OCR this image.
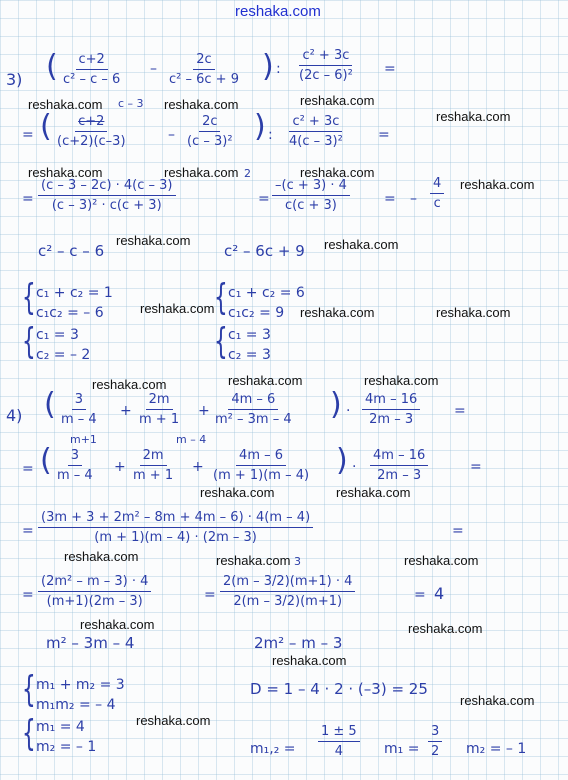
reshaka.com
3) ( $\frac{c+2}{\text{c² – c – 6}} - \frac{2c}{\text{c² – 6c + 9}}$ ) : $\frac{\text{c² + 3c}}{\text{(2c – 6)²}}$ =
c – 3
= ( $\frac{c+2}{(c+2)(c-3)}$	– $\frac{2c}{\text{(c – 3)²}}$ ) : $\frac{\text{c² + 3c}}{\text{4(c – 3)²}}$ =
2
= $\frac{(c - 3 - 2c) \cdot 4(c - 3)}{\text{(c – 3)² · c(c + 3)}}$	= $\frac{-(c + 3) \cdot 4}{c(c + 3)}$ = – $\frac{4}{c}$
c² – c – 6	c² – 6c + 9
{ c₁ + c₂ = 1
c₁c₂ = – 6
{ c₁ = 3
c₂ = – 2
{ c₁ + c₂ = 6
c₁c₂ = 9
{ c₁ = 3
c₂ = 3
4) ( $\frac{3}{m - 4} + \frac{2m}{m + 1} + \frac{4m - 6}{\text{m² – 3m – 4}}$ ) · $\frac{4m - 16}{2m - 3}$ =
m+1	m – 4
= ( $\frac{3}{m - 4} + \frac{2m}{m + 1} + \frac{4m - 6}{(m + 1)(m - 4)}$ ) · $\frac{4m - 16}{2m - 3}$	=
= $\frac{\text{(3m + 3 + 2m² – 8m + 4m – 6) · 4(m – 4)}}{(m + 1)(m - 4) \cdot (2m - 3)}$	=
= $\frac{\text{(2m² – m – 3) · 4}}{(m+1)(2m - 3)}$	=
3
$\frac{2(m - 3/2)(m+1) \cdot 4}{2(m - 3/2)(m+1)}$	= 4
m² – 3m – 4	2m² – m – 3
{ m₁ + m₂ = 3
m₁m₂ = – 4
{ m₁ = 4
m₂ = – 1
D = 1 – 4 · 2 · (–3) = 25
$m_1,_2 = \frac{1 \pm 5}{4} m_1 = \frac{3}{2} m_2$ = – 1
reshaka.com	reshaka.com	reshaka.com
reshaka.com
reshaka.com	reshaka.com	reshaka.com
reshaka.com
reshaka.com	reshaka.com
reshaka.com	reshaka.com	reshaka.com
reshaka.com	reshaka.com	reshaka.com
reshaka.com	reshaka.com
reshaka.com	reshaka.com	reshaka.com
reshaka.com	reshaka.com
reshaka.com
reshaka.com
reshaka.com
